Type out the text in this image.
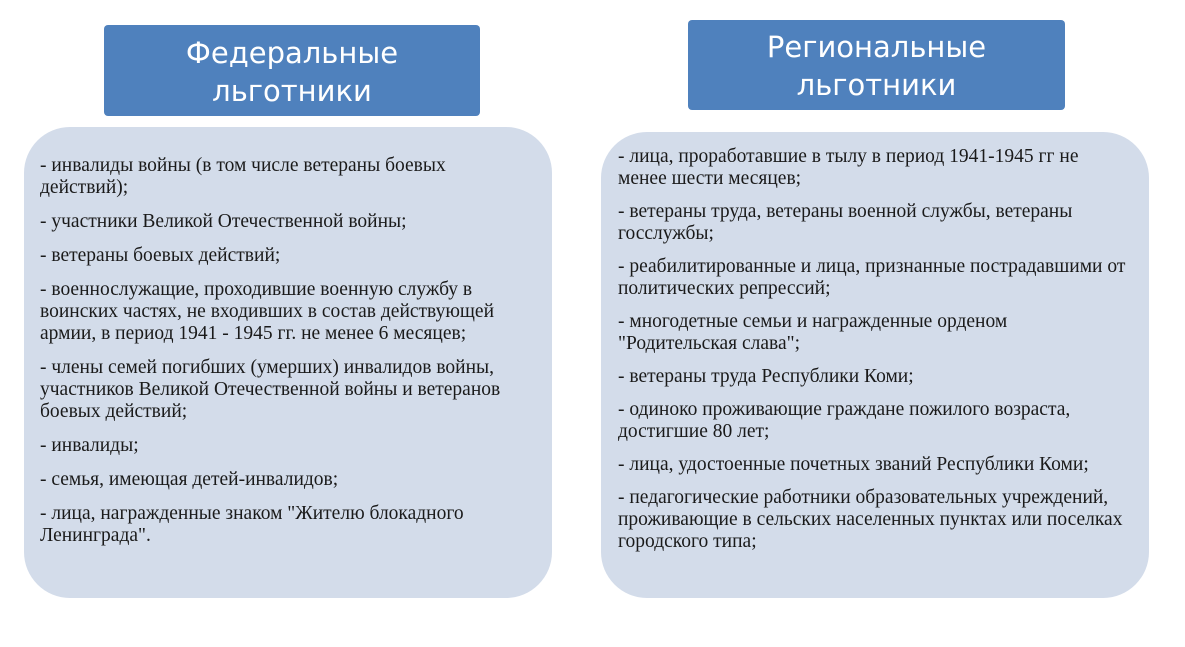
Федеральные
льготники
Региональные
льготники
- инвалиды войны (в том числе ветераны боевых действий);
- участники Великой Отечественной войны;
- ветераны боевых действий;
- военнослужащие, проходившие военную службу в воинских частях, не входивших в состав действующей армии, в период 1941 - 1945 гг. не менее 6 месяцев;
- члены семей погибших (умерших) инвалидов войны, участников Великой Отечественной войны и ветеранов боевых действий;
- инвалиды;
- семья, имеющая детей-инвалидов;
- лица, награжденные знаком "Жителю блокадного Ленинграда".
- лица, проработавшие в тылу в период 1941-1945 гг не менее шести месяцев;
- ветераны труда, ветераны военной службы, ветераны госслужбы;
- реабилитированные и лица, признанные пострадавшими от политических репрессий;
- многодетные семьи и награжденные орденом "Родительская слава";
- ветераны труда Республики Коми;
- одиноко проживающие граждане пожилого возраста, достигшие 80 лет;
- лица, удостоенные почетных званий Республики Коми;
- педагогические работники образовательных учреждений, проживающие в сельских населенных пунктах или поселках городского типа;
